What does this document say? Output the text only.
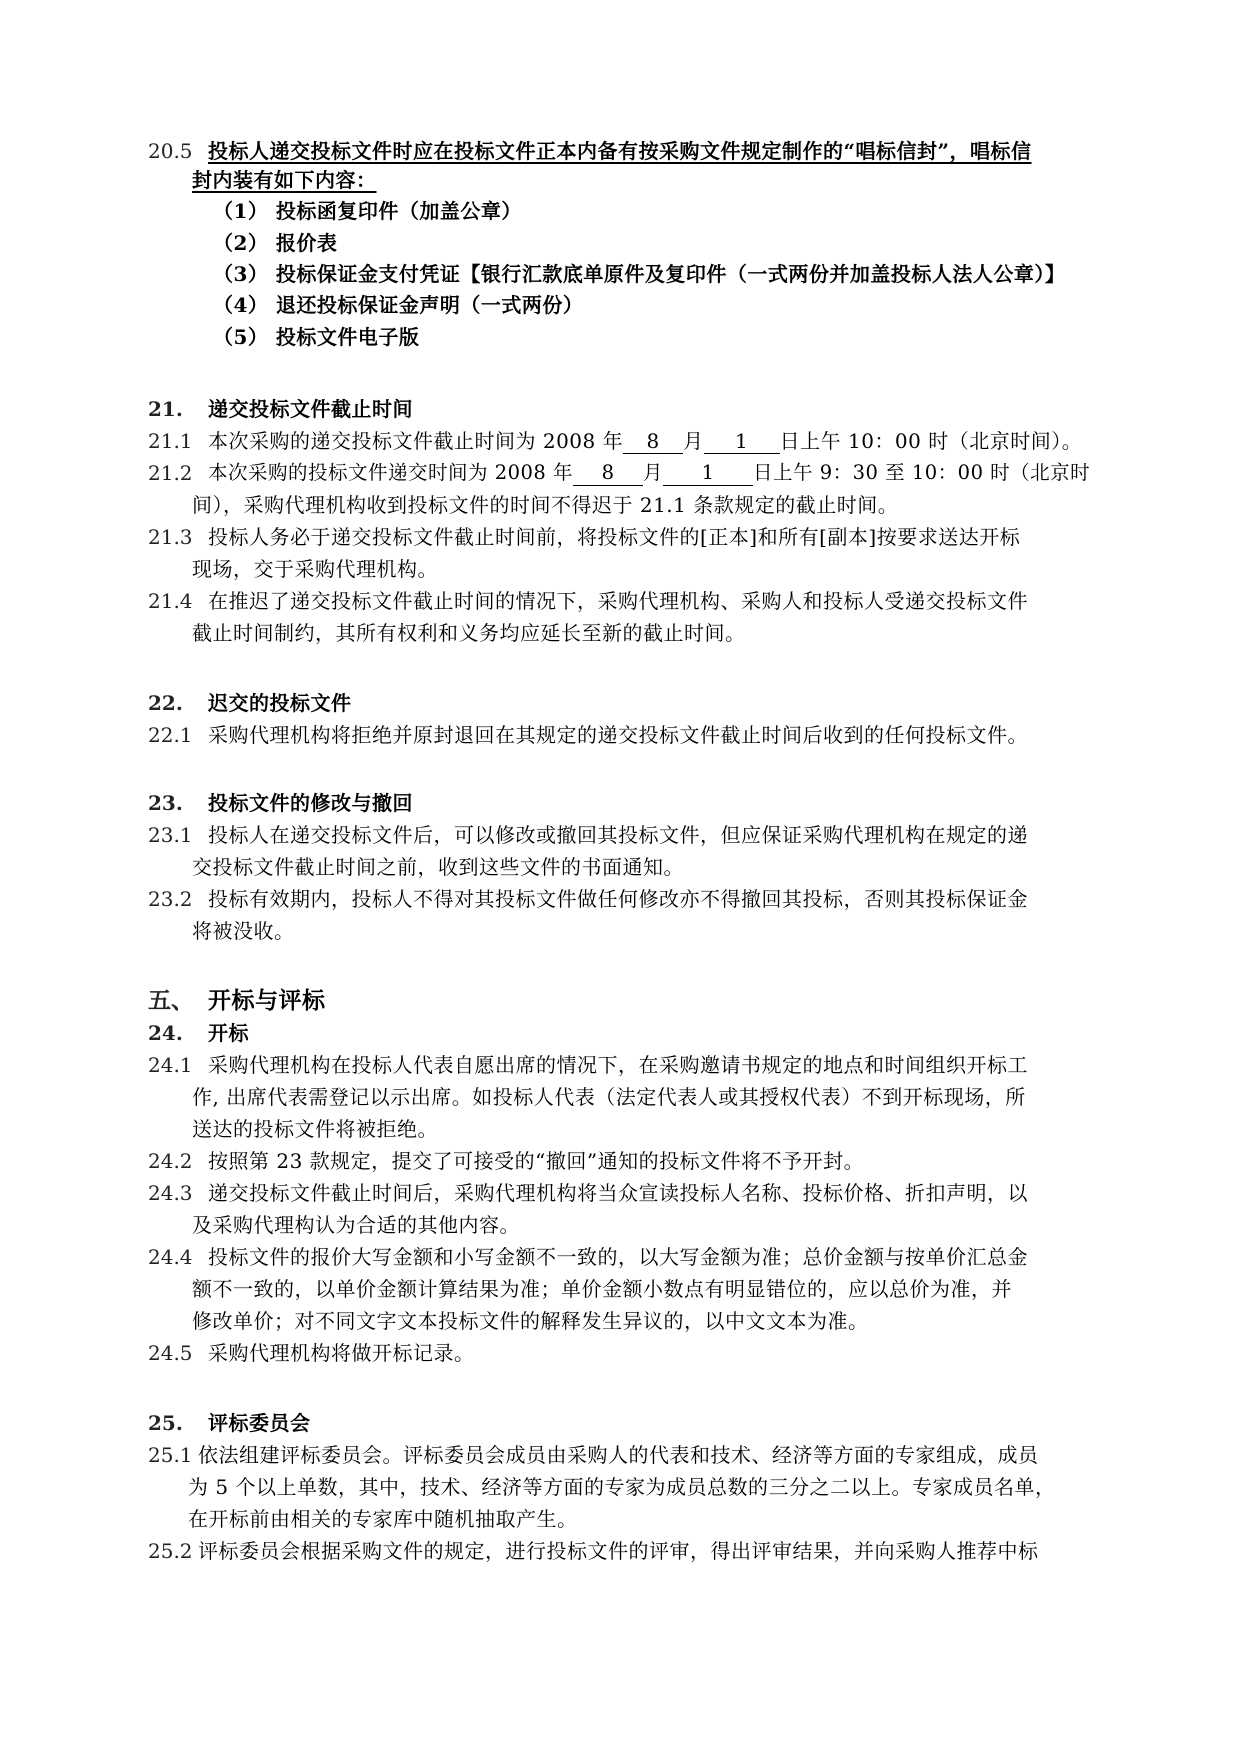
20.5 投标人递交投标文件时应在投标文件正本内备有按采购文件规定制作的“唱标信封”，唱标信
封内装有如下内容：
（1） 投标函复印件（加盖公章）
（2） 报价表
（3） 投标保证金支付凭证【银行汇款底单原件及复印件（一式两份并加盖投标人法人公章）】
（4） 退还投标保证金声明（一式两份）
（5） 投标文件电子版
21. 递交投标文件截止时间
21.1 本次采购的递交投标文件截止时间为 2008 年 8 月 1 日上午 10：00 时（北京时间）。
21.2 本次采购的投标文件递交时间为 2008 年 8 月 1 日上午 9：30 至 10：00 时（北京时
间），采购代理机构收到投标文件的时间不得迟于 21.1 条款规定的截止时间。
21.3 投标人务必于递交投标文件截止时间前，将投标文件的[正本]和所有[副本]按要求送达开标
现场，交于采购代理机构。
21.4 在推迟了递交投标文件截止时间的情况下，采购代理机构、采购人和投标人受递交投标文件
截止时间制约，其所有权利和义务均应延长至新的截止时间。
22. 迟交的投标文件
22.1 采购代理机构将拒绝并原封退回在其规定的递交投标文件截止时间后收到的任何投标文件。
23. 投标文件的修改与撤回
23.1 投标人在递交投标文件后，可以修改或撤回其投标文件，但应保证采购代理机构在规定的递
交投标文件截止时间之前，收到这些文件的书面通知。
23.2 投标有效期内，投标人不得对其投标文件做任何修改亦不得撤回其投标，否则其投标保证金
将被没收。
五、 开标与评标
24. 开标
24.1 采购代理机构在投标人代表自愿出席的情况下，在采购邀请书规定的地点和时间组织开标工
作, 出席代表需登记以示出席。如投标人代表（法定代表人或其授权代表）不到开标现场，所
送达的投标文件将被拒绝。
24.2 按照第 23 款规定，提交了可接受的“撤回”通知的投标文件将不予开封。
24.3 递交投标文件截止时间后，采购代理机构将当众宣读投标人名称、投标价格、折扣声明，以
及采购代理构认为合适的其他内容。
24.4 投标文件的报价大写金额和小写金额不一致的，以大写金额为准；总价金额与按单价汇总金
额不一致的，以单价金额计算结果为准；单价金额小数点有明显错位的，应以总价为准，并
修改单价；对不同文字文本投标文件的解释发生异议的，以中文文本为准。
24.5 采购代理机构将做开标记录。
25. 评标委员会
25.1 依法组建评标委员会。评标委员会成员由采购人的代表和技术、经济等方面的专家组成，成员
为 5 个以上单数，其中，技术、经济等方面的专家为成员总数的三分之二以上。专家成员名单，
在开标前由相关的专家库中随机抽取产生。
25.2 评标委员会根据采购文件的规定，进行投标文件的评审，得出评审结果，并向采购人推荐中标
